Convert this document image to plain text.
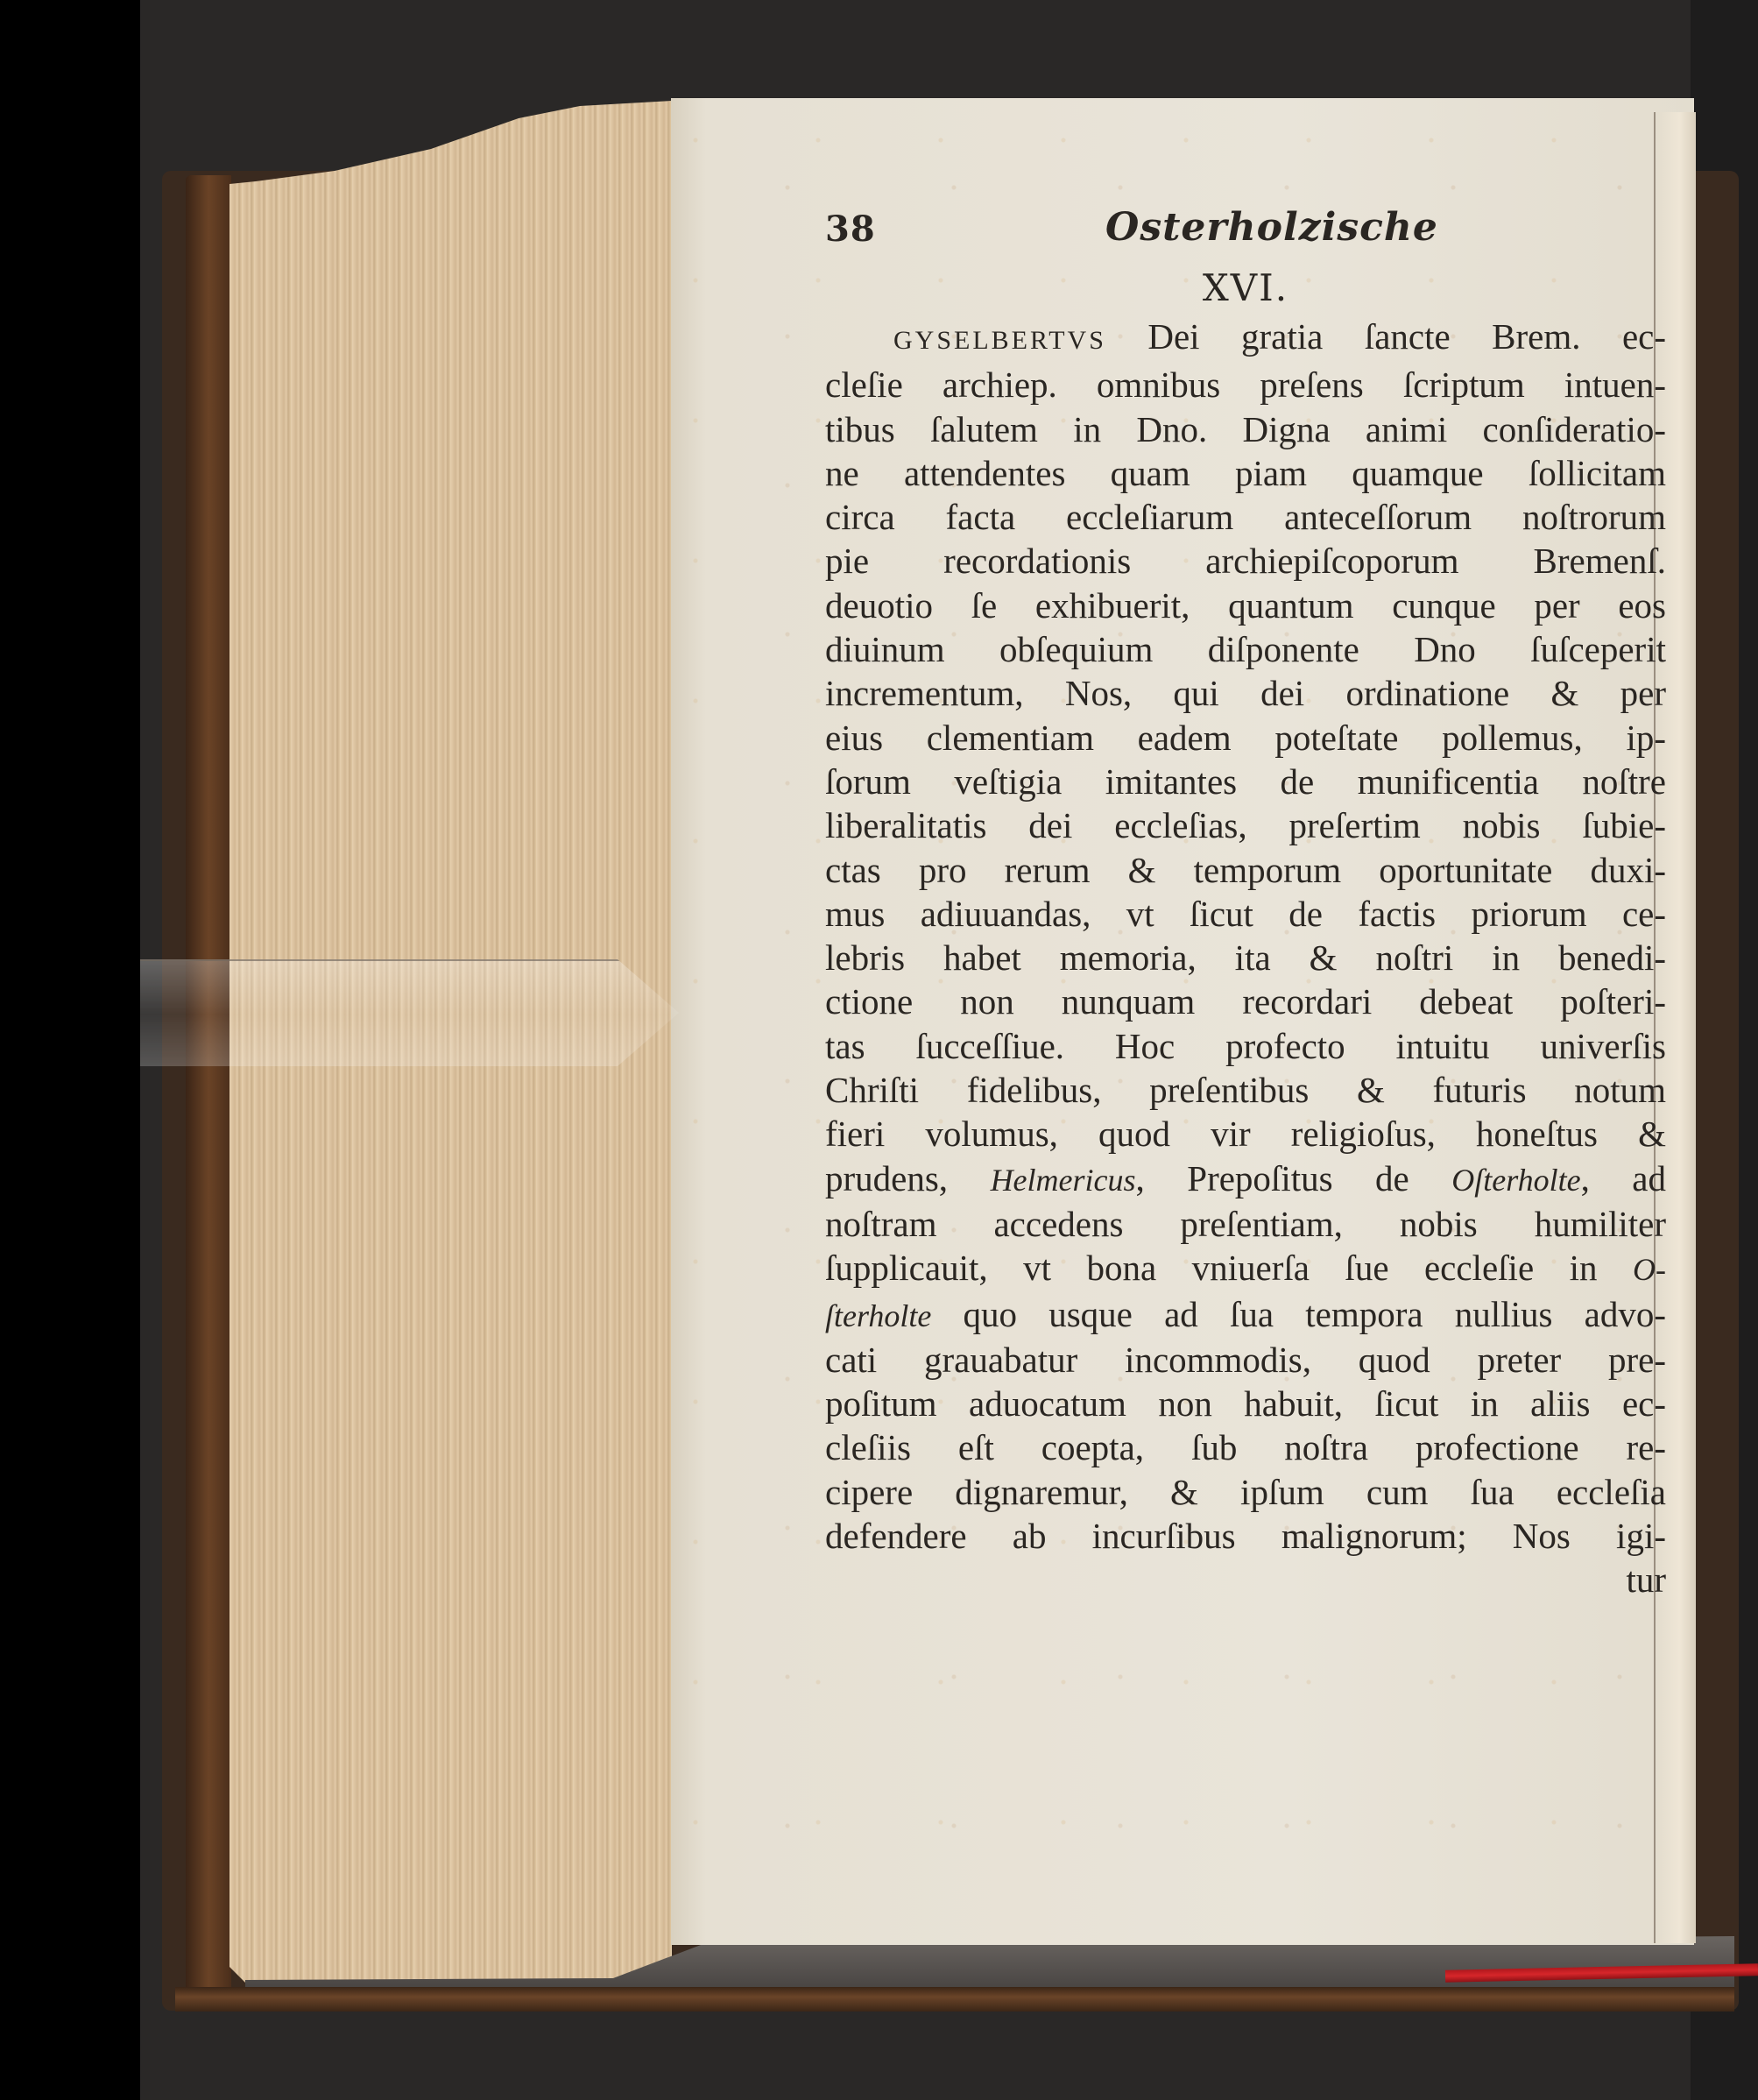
38	Osterholzische
XVI.
GYSELBERTVS Dei gratia ſancte Brem. ec-
cleſie archiep. omnibus preſens ſcriptum intuen-
tibus ſalutem in Dno. Digna animi conſideratio-
ne attendentes quam piam quamque ſollicitam
circa facta eccleſiarum anteceſſorum noſtrorum
pie recordationis archiepiſcoporum Bremenſ.
deuotio ſe exhibuerit, quantum cunque per eos
diuinum obſequium diſponente Dno ſuſceperit
incrementum, Nos, qui dei ordinatione & per
eius clementiam eadem poteſtate pollemus, ip-
ſorum veſtigia imitantes de munificentia noſtre
liberalitatis dei eccleſias, preſertim nobis ſubie-
ctas pro rerum & temporum oportunitate duxi-
mus adiuuandas, vt ſicut de factis priorum ce-
lebris habet memoria, ita & noſtri in benedi-
ctione non nunquam recordari debeat poſteri-
tas ſucceſſiue. Hoc profecto intuitu univerſis
Chriſti fidelibus, preſentibus & futuris notum
fieri volumus, quod vir religioſus, honeſtus &
prudens, Helmericus, Prepoſitus de Oſterholte, ad
noſtram accedens preſentiam, nobis humiliter
ſupplicauit, vt bona vniuerſa ſue eccleſie in O-
ſterholte quo usque ad ſua tempora nullius advo-
cati grauabatur incommodis, quod preter pre-
poſitum aduocatum non habuit, ſicut in aliis ec-
cleſiis eſt coepta, ſub noſtra profectione re-
cipere dignaremur, & ipſum cum ſua eccleſia
defendere ab incurſibus malignorum; Nos igi-
tur
